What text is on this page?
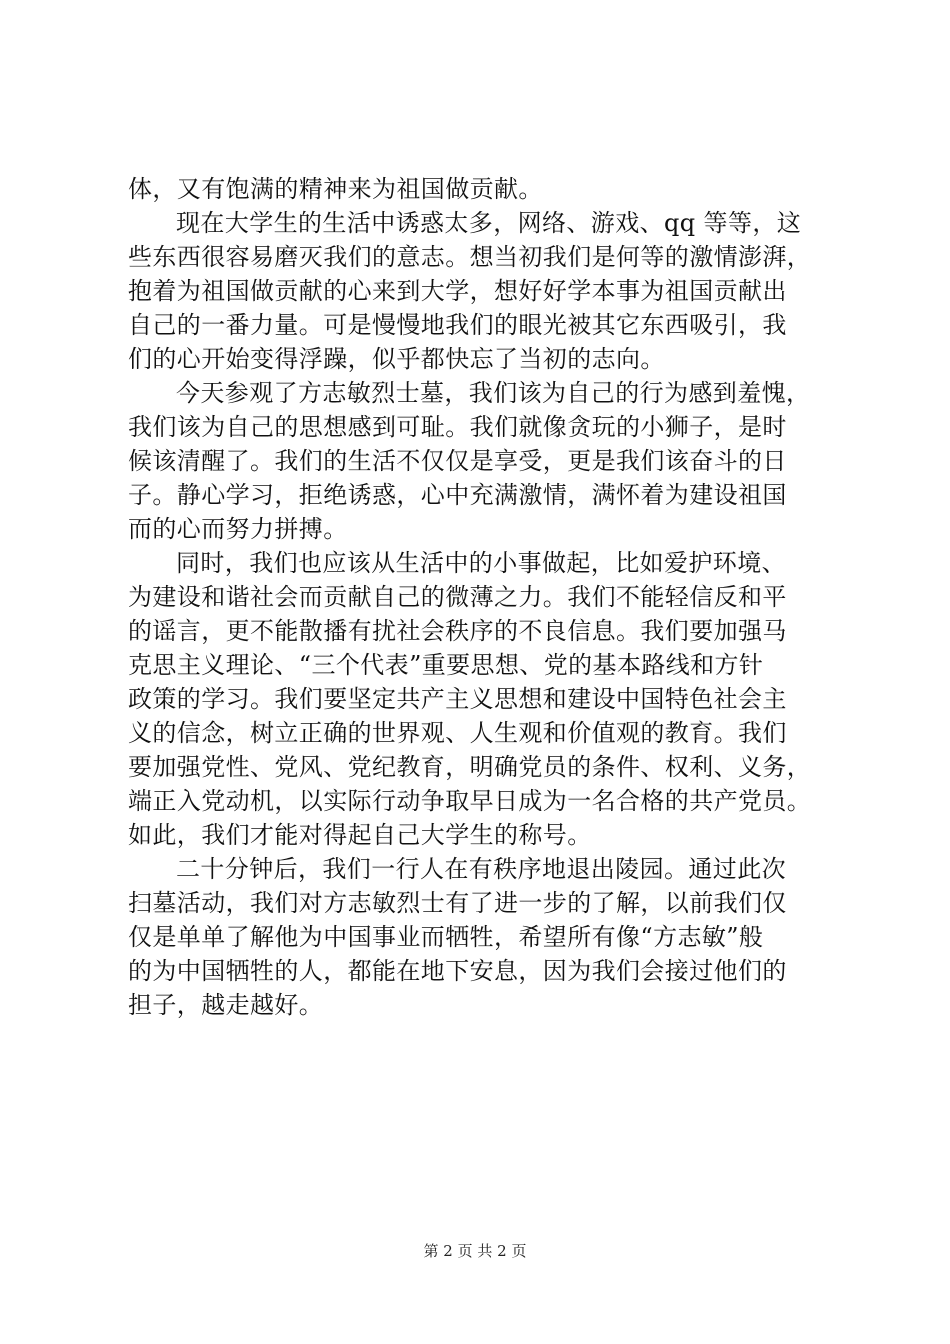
体，又有饱满的精神来为祖国做贡献。
现在大学生的生活中诱惑太多，网络、游戏、qq 等等，这
些东西很容易磨灭我们的意志。想当初我们是何等的激情澎湃，
抱着为祖国做贡献的心来到大学，想好好学本事为祖国贡献出
自己的一番力量。可是慢慢地我们的眼光被其它东西吸引，我
们的心开始变得浮躁，似乎都快忘了当初的志向。
今天参观了方志敏烈士墓，我们该为自己的行为感到羞愧，
我们该为自己的思想感到可耻。我们就像贪玩的小狮子，是时
候该清醒了。我们的生活不仅仅是享受，更是我们该奋斗的日
子。静心学习，拒绝诱惑，心中充满激情，满怀着为建设祖国
而的心而努力拼搏。
同时，我们也应该从生活中的小事做起，比如爱护环境、
为建设和谐社会而贡献自己的微薄之力。我们不能轻信反和平
的谣言，更不能散播有扰社会秩序的不良信息。我们要加强马
克思主义理论、“三个代表”重要思想、党的基本路线和方针
政策的学习。我们要坚定共产主义思想和建设中国特色社会主
义的信念，树立正确的世界观、人生观和价值观的教育。我们
要加强党性、党风、党纪教育，明确党员的条件、权利、义务，
端正入党动机，以实际行动争取早日成为一名合格的共产党员。
如此，我们才能对得起自己大学生的称号。
二十分钟后，我们一行人在有秩序地退出陵园。通过此次
扫墓活动，我们对方志敏烈士有了进一步的了解，以前我们仅
仅是单单了解他为中国事业而牺牲，希望所有像“方志敏”般
的为中国牺牲的人，都能在地下安息，因为我们会接过他们的
担子，越走越好。
第 2 页 共 2 页
